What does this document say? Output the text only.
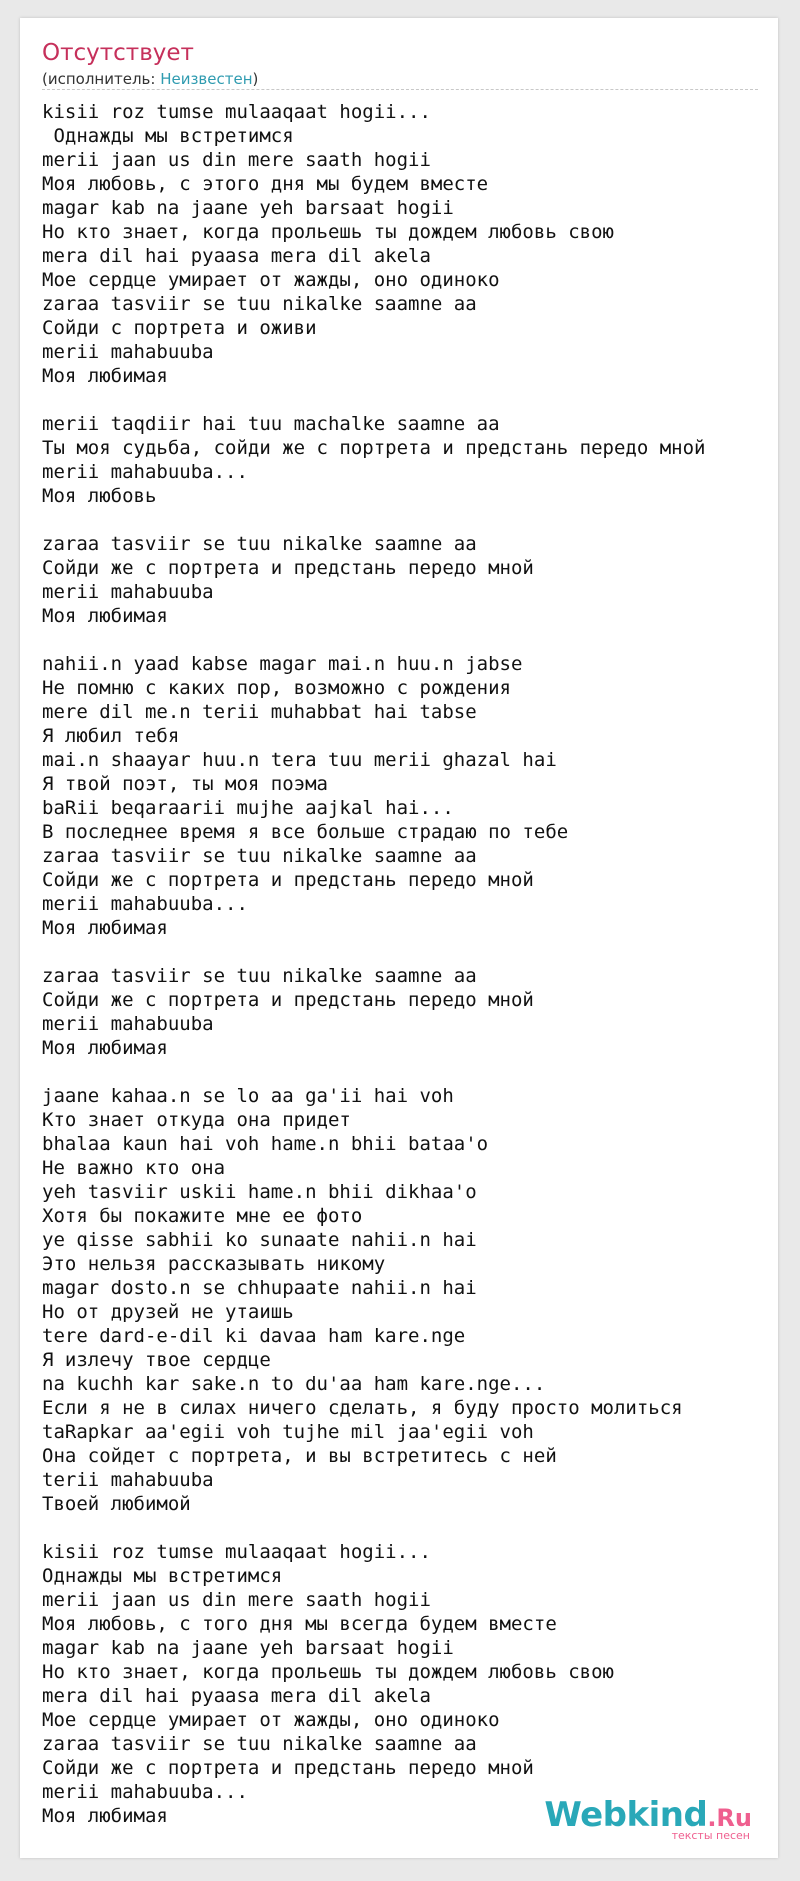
Отсутствует
(исполнитель: Неизвестен)
kisii roz tumse mulaaqaat hogii...
Однажды мы встретимся
merii jaan us din mere saath hogii
Моя любовь, с этого дня мы будем вместе
magar kab na jaane yeh barsaat hogii
Но кто знает, когда прольешь ты дождем любовь свою
mera dil hai pyaasa mera dil akela
Мое сердце умирает от жажды, оно одиноко
zaraa tasviir se tuu nikalke saamne aa
Сойди с портрета и оживи
merii mahabuuba
Моя любимая

merii taqdiir hai tuu machalke saamne aa
Ты моя судьба, сойди же с портрета и предстань передо мной
merii mahabuuba...
Моя любовь

zaraa tasviir se tuu nikalke saamne aa
Сойди же с портрета и предстань передо мной
merii mahabuuba
Моя любимая

nahii.n yaad kabse magar mai.n huu.n jabse
Не помню с каких пор, возможно с рождения
mere dil me.n terii muhabbat hai tabse
Я любил тебя
mai.n shaayar huu.n tera tuu merii ghazal hai
Я твой поэт, ты моя поэма
baRii beqaraarii mujhe aajkal hai...
В последнее время я все больше страдаю по тебе
zaraa tasviir se tuu nikalke saamne aa
Сойди же с портрета и предстань передо мной
merii mahabuuba...
Моя любимая

zaraa tasviir se tuu nikalke saamne aa
Сойди же с портрета и предстань передо мной
merii mahabuuba
Моя любимая

jaane kahaa.n se lo aa ga'ii hai voh
Кто знает откуда она придет
bhalaa kaun hai voh hame.n bhii bataa'o
Не важно кто она
yeh tasviir uskii hame.n bhii dikhaa'o
Хотя бы покажите мне ее фото
ye qisse sabhii ko sunaate nahii.n hai
Это нельзя рассказывать никому
magar dosto.n se chhupaate nahii.n hai
Но от друзей не утаишь
tere dard-e-dil ki davaa ham kare.nge
Я излечу твое сердце
na kuchh kar sake.n to du'aa ham kare.nge...
Если я не в силах ничего сделать, я буду просто молиться
taRapkar aa'egii voh tujhe mil jaa'egii voh
Она сойдет с портрета, и вы встретитесь с ней
terii mahabuuba
Твоей любимой

kisii roz tumse mulaaqaat hogii...
Однажды мы встретимся
merii jaan us din mere saath hogii
Моя любовь, с того дня мы всегда будем вместе
magar kab na jaane yeh barsaat hogii
Но кто знает, когда прольешь ты дождем любовь свою
mera dil hai pyaasa mera dil akela
Мое сердце умирает от жажды, оно одиноко
zaraa tasviir se tuu nikalke saamne aa
Сойди же с портрета и предстань передо мной
merii mahabuuba...
Моя любимая	Webkind.Ru
тексты песен
